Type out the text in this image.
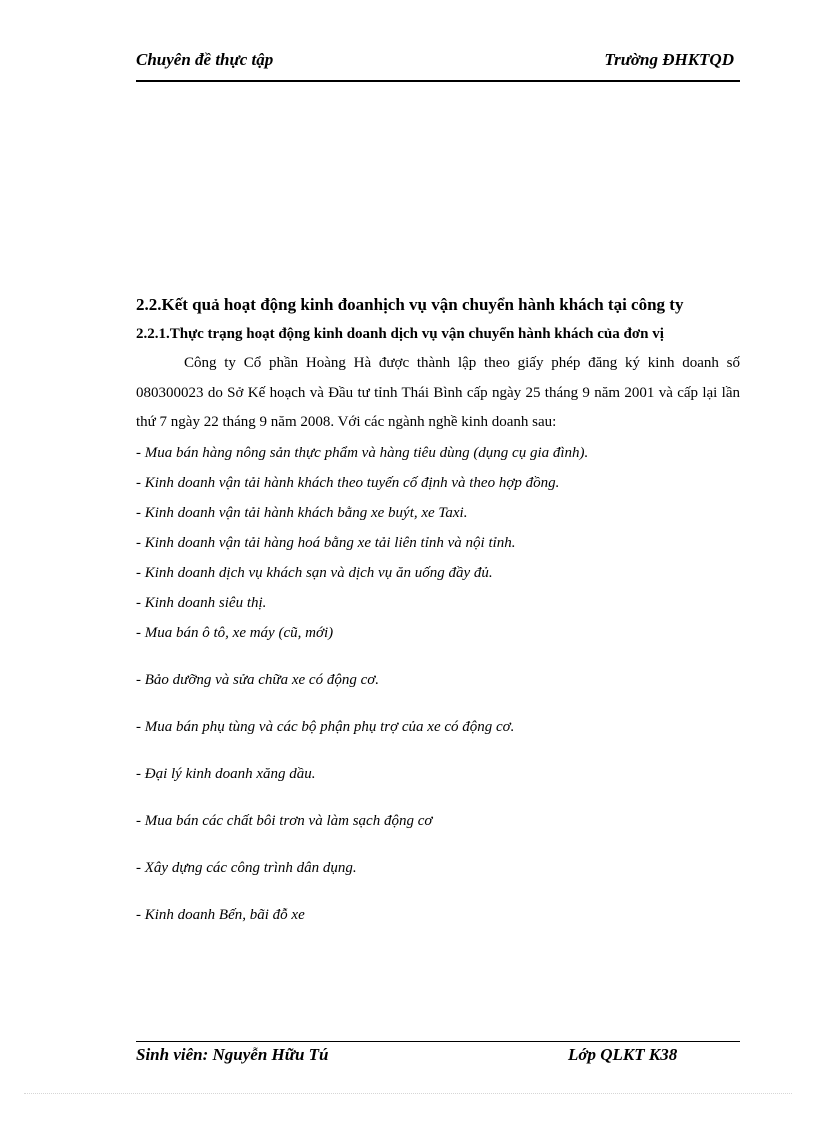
Chuyên đề thực tập	Trường ĐHKTQD

2.2.Kết quả hoạt động kinh đoanhịch vụ vận chuyển hành khách tại công ty

2.2.1.Thực trạng hoạt động kinh doanh dịch vụ vận chuyển hành khách của đơn vị

Công ty Cổ phần Hoàng Hà được thành lập theo giấy phép đăng ký kinh doanh số 080300023 do Sở Kế hoạch và Đầu tư tỉnh Thái Bình cấp ngày 25 tháng 9 năm 2001 và cấp lại lần thứ 7 ngày 22 tháng 9 năm 2008. Với các ngành nghề kinh doanh sau:

- Mua bán hàng nông sản thực phẩm và hàng tiêu dùng (dụng cụ gia đình).
- Kinh doanh vận tải hành khách theo tuyến cố định và theo hợp đồng.
- Kinh doanh vận tải hành khách bằng xe buýt, xe Taxi.
- Kinh doanh vận tải hàng hoá bằng xe tải liên tỉnh và nội tỉnh.
- Kinh doanh dịch vụ khách sạn và dịch vụ ăn uống đầy đủ.
- Kinh doanh siêu thị.
- Mua bán ô tô, xe máy (cũ, mới)
- Bảo dưỡng và sửa chữa xe có động cơ.
- Mua bán phụ tùng và các bộ phận phụ trợ của xe có động cơ.
- Đại lý kinh doanh xăng dầu.
- Mua bán các chất bôi trơn và làm sạch động cơ
- Xây dựng các công trình dân dụng.
- Kinh doanh Bến, bãi đỗ xe
Sinh viên: Nguyễn Hữu Tú	Lớp QLKT K38
